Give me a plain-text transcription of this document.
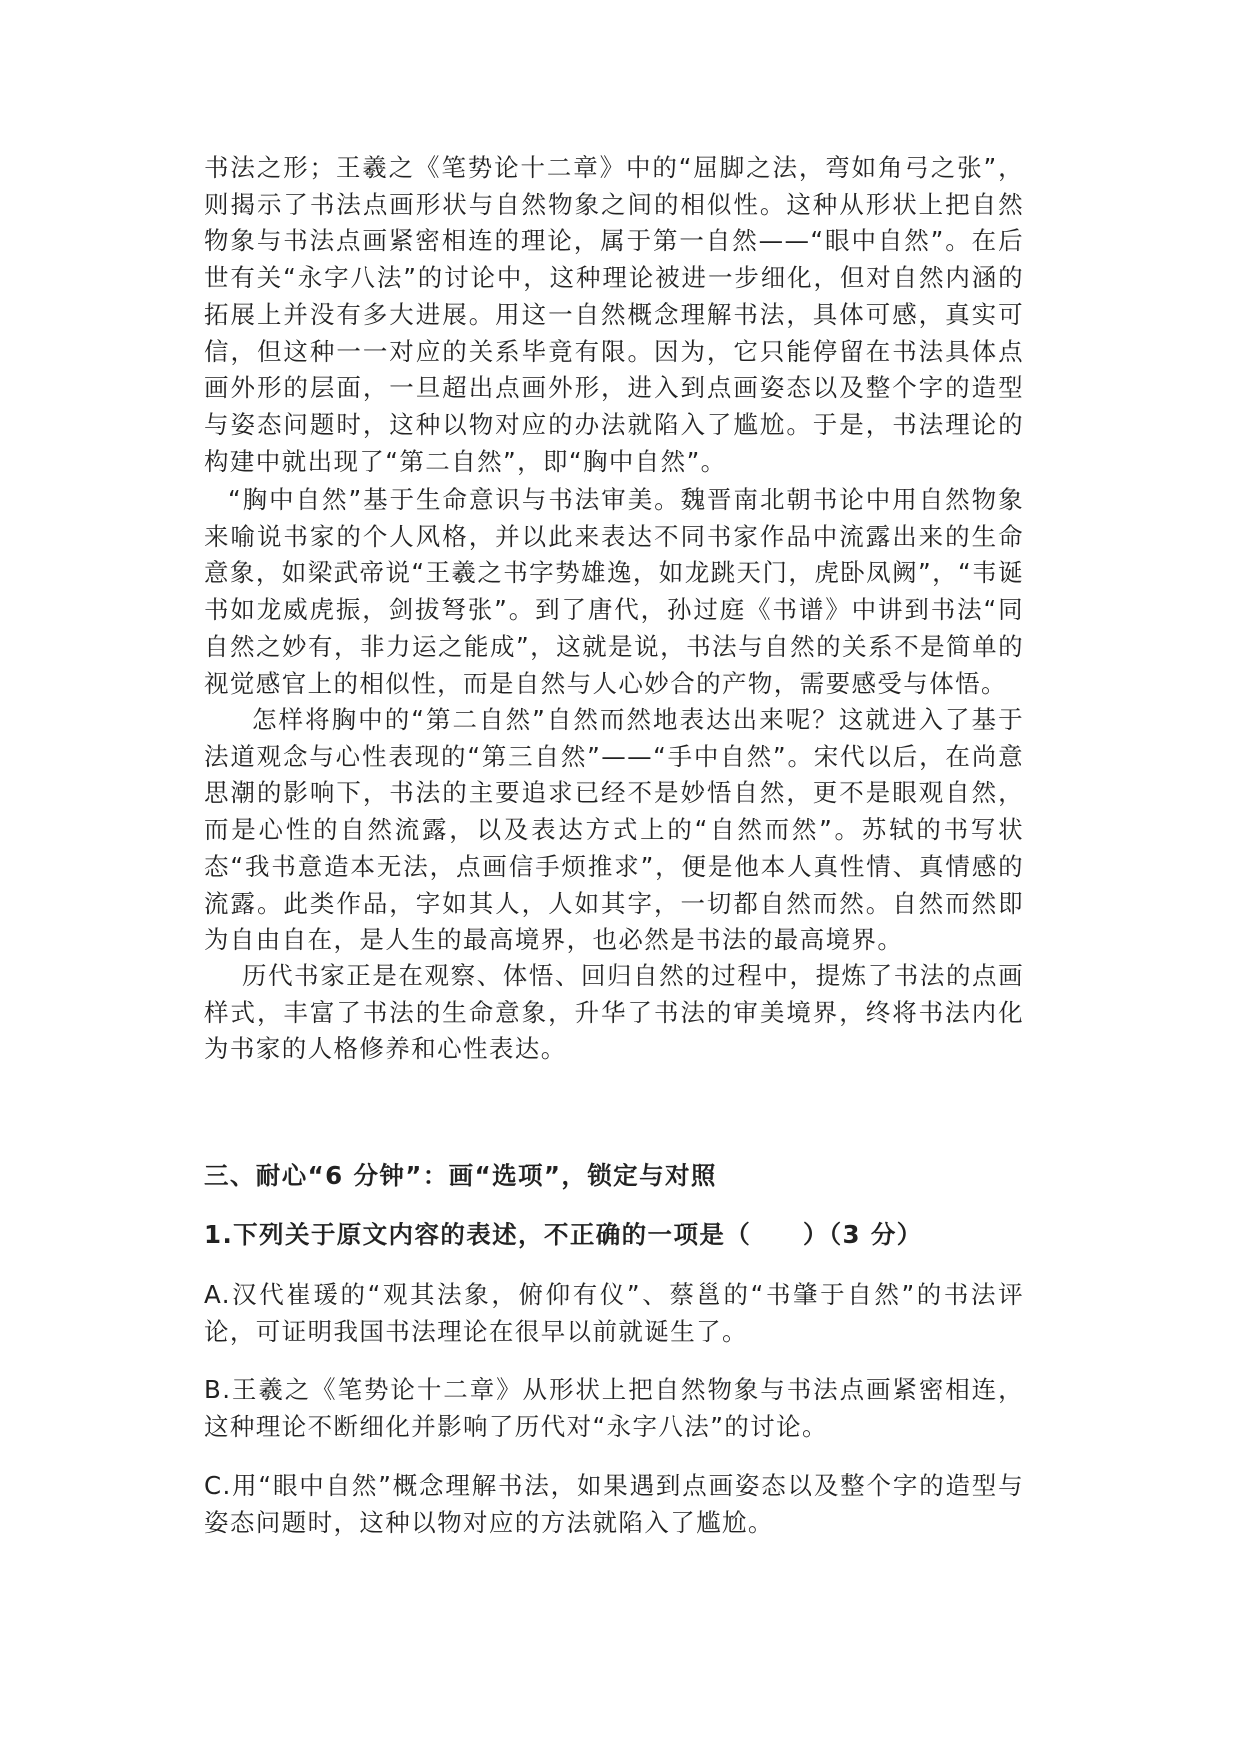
书法之形；王羲之《笔势论十二章》中的“屈脚之法，弯如角弓之张”，则揭示了书法点画形状与自然物象之间的相似性。这种从形状上把自然物象与书法点画紧密相连的理论，属于第一自然——“眼中自然”。在后世有关“永字八法”的讨论中，这种理论被进一步细化，但对自然内涵的拓展上并没有多大进展。用这一自然概念理解书法，具体可感，真实可信，但这种一一对应的关系毕竟有限。因为，它只能停留在书法具体点画外形的层面，一旦超出点画外形，进入到点画姿态以及整个字的造型与姿态问题时，这种以物对应的办法就陷入了尴尬。于是，书法理论的构建中就出现了“第二自然”，即“胸中自然”。

“胸中自然”基于生命意识与书法审美。魏晋南北朝书论中用自然物象来喻说书家的个人风格，并以此来表达不同书家作品中流露出来的生命意象，如梁武帝说“王羲之书字势雄逸，如龙跳天门，虎卧凤阙”，“韦诞书如龙威虎振，剑拔弩张”。到了唐代，孙过庭《书谱》中讲到书法“同自然之妙有，非力运之能成”，这就是说，书法与自然的关系不是简单的视觉感官上的相似性，而是自然与人心妙合的产物，需要感受与体悟。

怎样将胸中的“第二自然”自然而然地表达出来呢？这就进入了基于法道观念与心性表现的“第三自然”——“手中自然”。宋代以后，在尚意思潮的影响下，书法的主要追求已经不是妙悟自然，更不是眼观自然，而是心性的自然流露，以及表达方式上的“自然而然”。苏轼的书写状态“我书意造本无法，点画信手烦推求”，便是他本人真性情、真情感的流露。此类作品，字如其人，人如其字，一切都自然而然。自然而然即为自由自在，是人生的最高境界，也必然是书法的最高境界。

历代书家正是在观察、体悟、回归自然的过程中，提炼了书法的点画样式，丰富了书法的生命意象，升华了书法的审美境界，终将书法内化为书家的人格修养和心性表达。

三、耐心“6 分钟”：画“选项”，锁定与对照
1.下列关于原文内容的表述，不正确的一项是（　　）（3 分）

A.汉代崔瑗的“观其法象，俯仰有仪”、蔡邕的“书肇于自然”的书法评论，可证明我国书法理论在很早以前就诞生了。

B.王羲之《笔势论十二章》从形状上把自然物象与书法点画紧密相连，这种理论不断细化并影响了历代对“永字八法”的讨论。

C.用“眼中自然”概念理解书法，如果遇到点画姿态以及整个字的造型与姿态问题时，这种以物对应的方法就陷入了尴尬。
